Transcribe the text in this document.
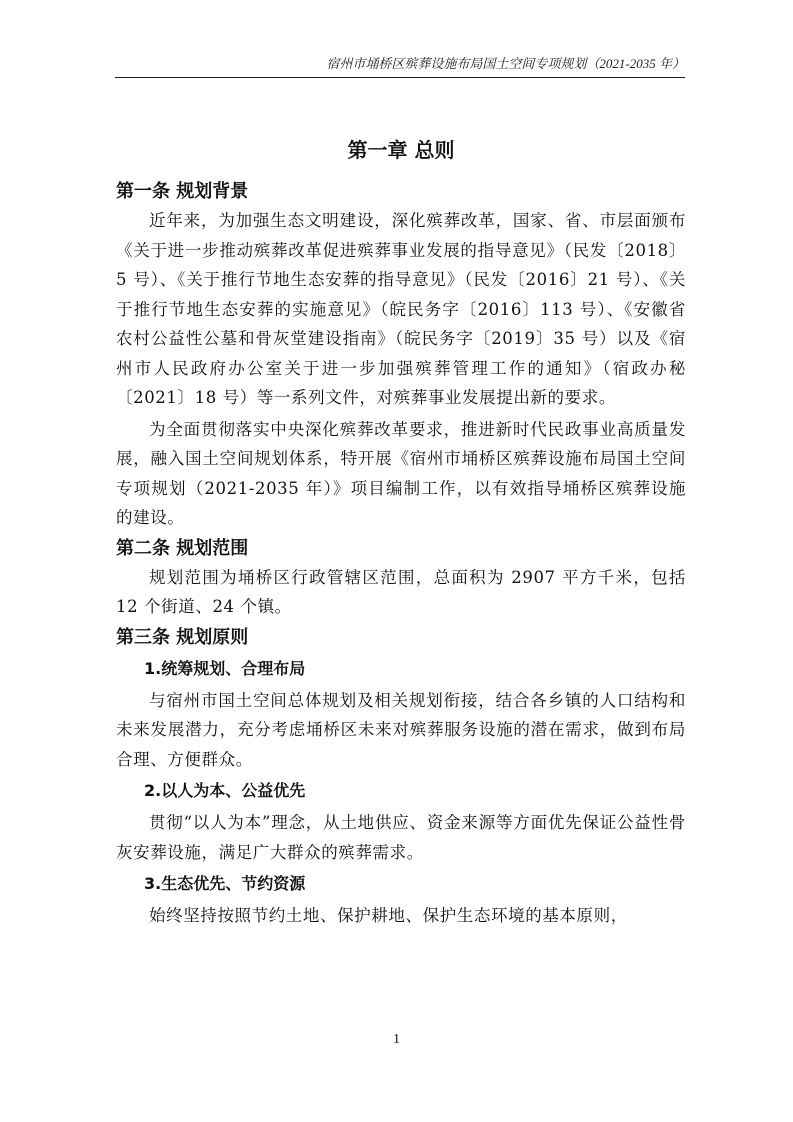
宿州市埇桥区殡葬设施布局国土空间专项规划（2021-2035 年）
第一章 总则
第一条 规划背景

近年来，为加强生态文明建设，深化殡葬改革，国家、省、市层面颁布《关于进一步推动殡葬改革促进殡葬事业发展的指导意见》（民发〔2018〕5 号）、《关于推行节地生态安葬的指导意见》（民发〔2016〕21 号）、《关于推行节地生态安葬的实施意见》（皖民务字〔2016〕113 号）、《安徽省农村公益性公墓和骨灰堂建设指南》（皖民务字〔2019〕35 号）以及《宿州市人民政府办公室关于进一步加强殡葬管理工作的通知》（宿政办秘〔2021〕18 号）等一系列文件，对殡葬事业发展提出新的要求。

为全面贯彻落实中央深化殡葬改革要求，推进新时代民政事业高质量发展，融入国土空间规划体系，特开展《宿州市埇桥区殡葬设施布局国土空间专项规划（2021-2035 年）》项目编制工作，以有效指导埇桥区殡葬设施的建设。

第二条 规划范围

规划范围为埇桥区行政管辖区范围，总面积为 2907 平方千米，包括 12 个街道、24 个镇。

第三条 规划原则
1.统筹规划、合理布局

与宿州市国土空间总体规划及相关规划衔接，结合各乡镇的人口结构和未来发展潜力，充分考虑埇桥区未来对殡葬服务设施的潜在需求，做到布局合理、方便群众。

2.以人为本、公益优先

贯彻“以人为本”理念，从土地供应、资金来源等方面优先保证公益性骨灰安葬设施，满足广大群众的殡葬需求。

3.生态优先、节约资源

始终坚持按照节约土地、保护耕地、保护生态环境的基本原则，

1
